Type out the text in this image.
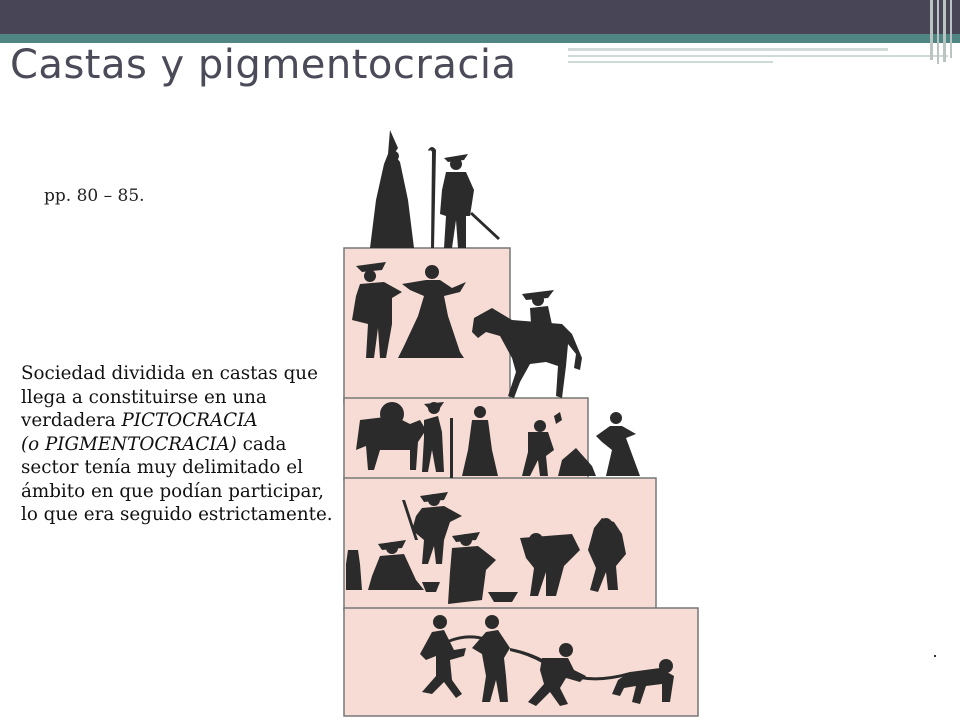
Castas y pigmentocracia

pp. 80 – 85.

Sociedad dividida en castas que llega a constituirse en una verdadera PICTOCRACIA
(o PIGMENTOCRACIA) cada sector tenía muy delimitado el ámbito en que podían participar, lo que era seguido estrictamente.
